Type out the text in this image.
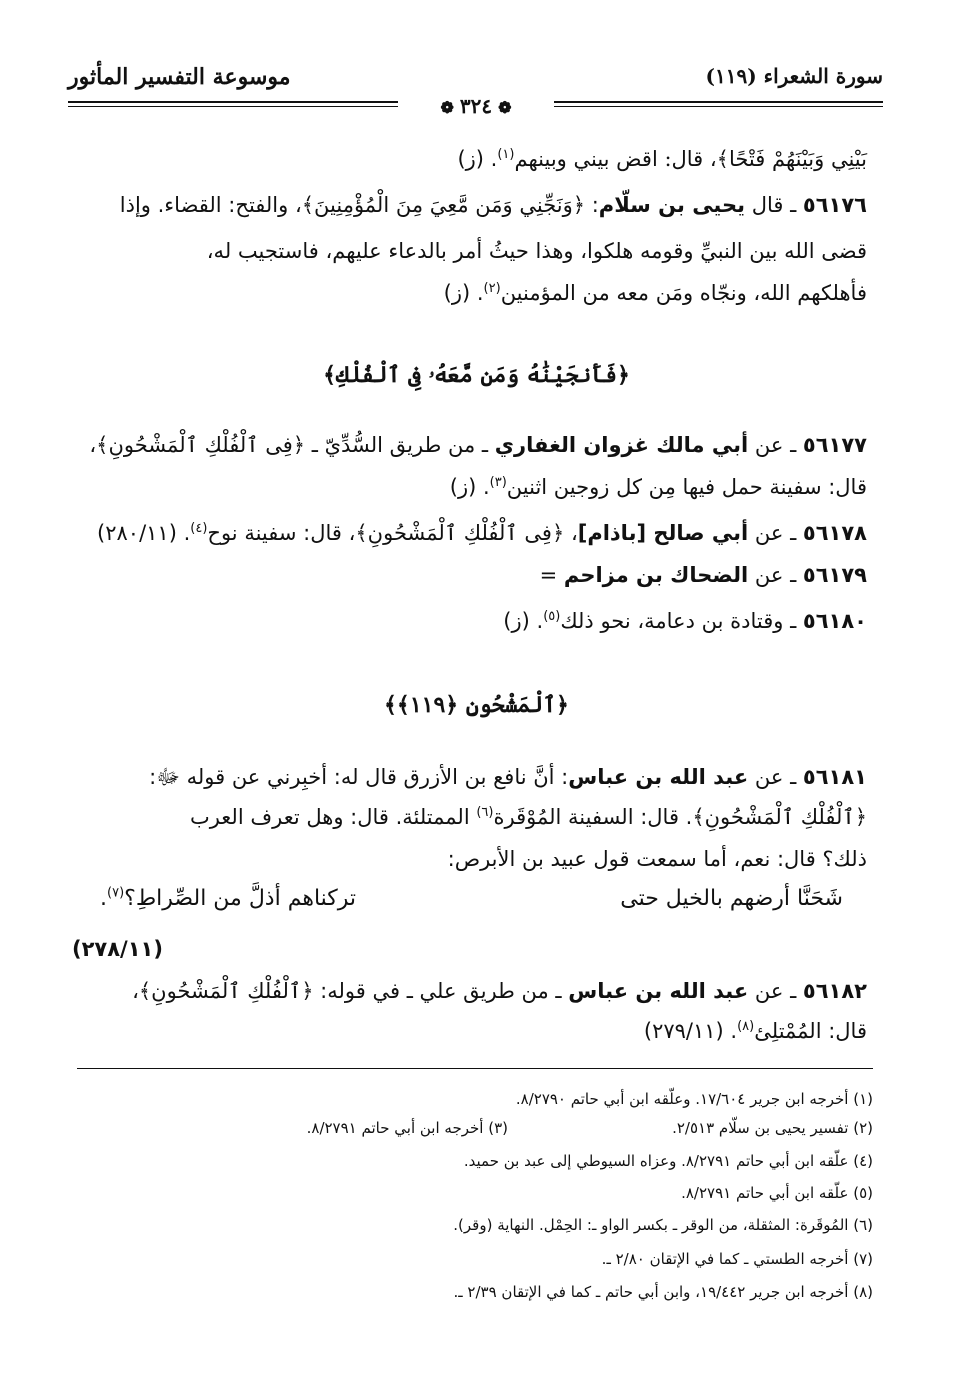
موسوعة التفسير المأثور	سورة الشعراء (١١٩)
❁٣٢٤❁
بَيْنِي وَبَيْنَهُمْ فَتْحًا﴾، قال: اقض بيني وبينهم$^{(١)}$. (ز)
٥٦١٧٦ ـ قال يحيى بن سلّام: ﴿وَنَجِّنِي وَمَن مَّعِيَ مِنَ الْمُؤْمِنِينَ﴾، والفتح: القضاء. وإذا
قضى الله بين النبيِّ وقومه هلكوا، وهذا حيثُ أمر بالدعاء عليهم، فاستجيب له،
فأهلكهم الله، ونجّاه ومَن معه من المؤمنين$^{(٢)}$. (ز)
﴿فَأَنجَيْنَٰهُ وَمَن مَّعَهُۥ فِى ٱلْفُلْكِ﴾
٥٦١٧٧ ـ عن أبي مالك غزوان الغفاري ـ من طريق السُّدِّيّ ـ ﴿فِى ٱلْفُلْكِ ٱلْمَشْحُونِ﴾،
قال: سفينة حمل فيها مِن كل زوجين اثنين$^{(٣)}$. (ز)
٥٦١٧٨ ـ عن أبي صالح [باذام]، ﴿فِى ٱلْفُلْكِ ٱلْمَشْحُونِ﴾، قال: سفينة نوح$^{(٤)}$. (٢٨٠/١١)
٥٦١٧٩ ـ عن الضحاك بن مزاحم =
٥٦١٨٠ ـ وقتادة بن دعامة، نحو ذلك$^{(٥)}$. (ز)
﴿ٱلْمَشْحُونِ ﴿١١٩﴾﴾
٥٦١٨١ ـ عن عبد الله بن عباس: أنَّ نافع بن الأزرق قال له: أخبِرني عن قوله ﷻ:
﴿ٱلْفُلْكِ ٱلْمَشْحُونِ﴾. قال: السفينة المُوْقَرة$^{(٦)}$ الممتلئة. قال: وهل تعرف العرب
ذلك؟ قال: نعم، أما سمعت قول عبيد بن الأبرص:
شَحَنَّا أرضهم بالخيل حتى
تركناهم أذلَّ من الصِّراطِ؟$^{(٧)}$.
(٢٧٨/١١)
٥٦١٨٢ ـ عن عبد الله بن عباس ـ من طريق علي ـ في قوله: ﴿ٱلْفُلْكِ ٱلْمَشْحُونِ﴾،
قال: المُمْتلِئ$^{(٨)}$. (٢٧٩/١١)
(١) أخرجه ابن جرير ١٧/٦٠٤. وعلّقه ابن أبي حاتم ٨/٢٧٩٠.
(٢) تفسير يحيى بن سلّام ٢/٥١٣.
(٣) أخرجه ابن أبي حاتم ٨/٢٧٩١.
(٤) علّقه ابن أبي حاتم ٨/٢٧٩١. وعزاه السيوطي إلى عبد بن حميد.
(٥) علّقه ابن أبي حاتم ٨/٢٧٩١.
(٦) المُوقَرة: المثقلة، من الوقر ـ بكسر الواو ـ: الحِمْل. النهاية (وقر).
(٧) أخرجه الطستي ـ كما في الإتقان ٢/٨٠ ـ.
(٨) أخرجه ابن جرير ١٩/٤٤٢، وابن أبي حاتم ـ كما في الإتقان ٢/٣٩ ـ.
